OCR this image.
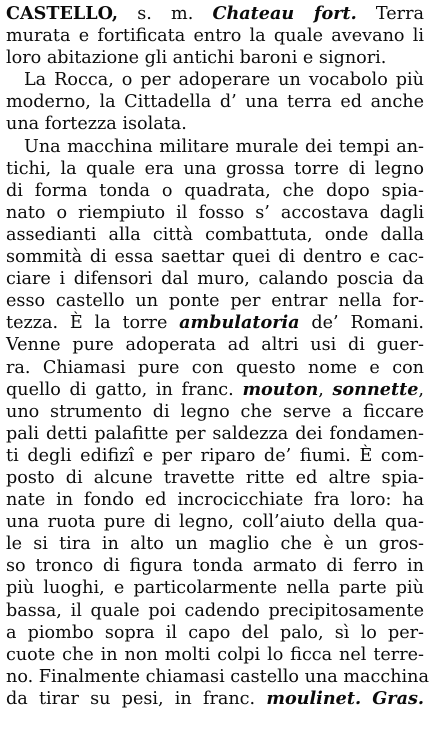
CASTELLO, s. m. Chateau fort. Terra
murata e fortificata entro la quale avevano li
loro abitazione gli antichi baroni e signori.
La Rocca, o per adoperare un vocabolo più
moderno, la Cittadella d’ una terra ed anche
una fortezza isolata.
Una macchina militare murale dei tempi an-
tichi, la quale era una grossa torre di legno
di forma tonda o quadrata, che dopo spia-
nato o riempiuto il fosso s’ accostava dagli
assedianti alla città combattuta, onde dalla
sommità di essa saettar quei di dentro e cac-
ciare i difensori dal muro, calando poscia da
esso castello un ponte per entrar nella for-
tezza. È la torre ambulatoria de’ Romani.
Venne pure adoperata ad altri usi di guer-
ra. Chiamasi pure con questo nome e con
quello di gatto, in franc. mouton, sonnette,
uno strumento di legno che serve a ficcare
pali detti palafitte per saldezza dei fondamen-
ti degli edifizî e per riparo de’ fiumi. È com-
posto di alcune travette ritte ed altre spia-
nate in fondo ed incrocicchiate fra loro: ha
una ruota pure di legno, coll’aiuto della qua-
le si tira in alto un maglio che è un gros-
so tronco di figura tonda armato di ferro in
più luoghi, e particolarmente nella parte più
bassa, il quale poi cadendo precipitosamente
a piombo sopra il capo del palo, sì lo per-
cuote che in non molti colpi lo ficca nel terre-
no. Finalmente chiamasi castello una macchina
da tirar su pesi, in franc. moulinet. Gras.
